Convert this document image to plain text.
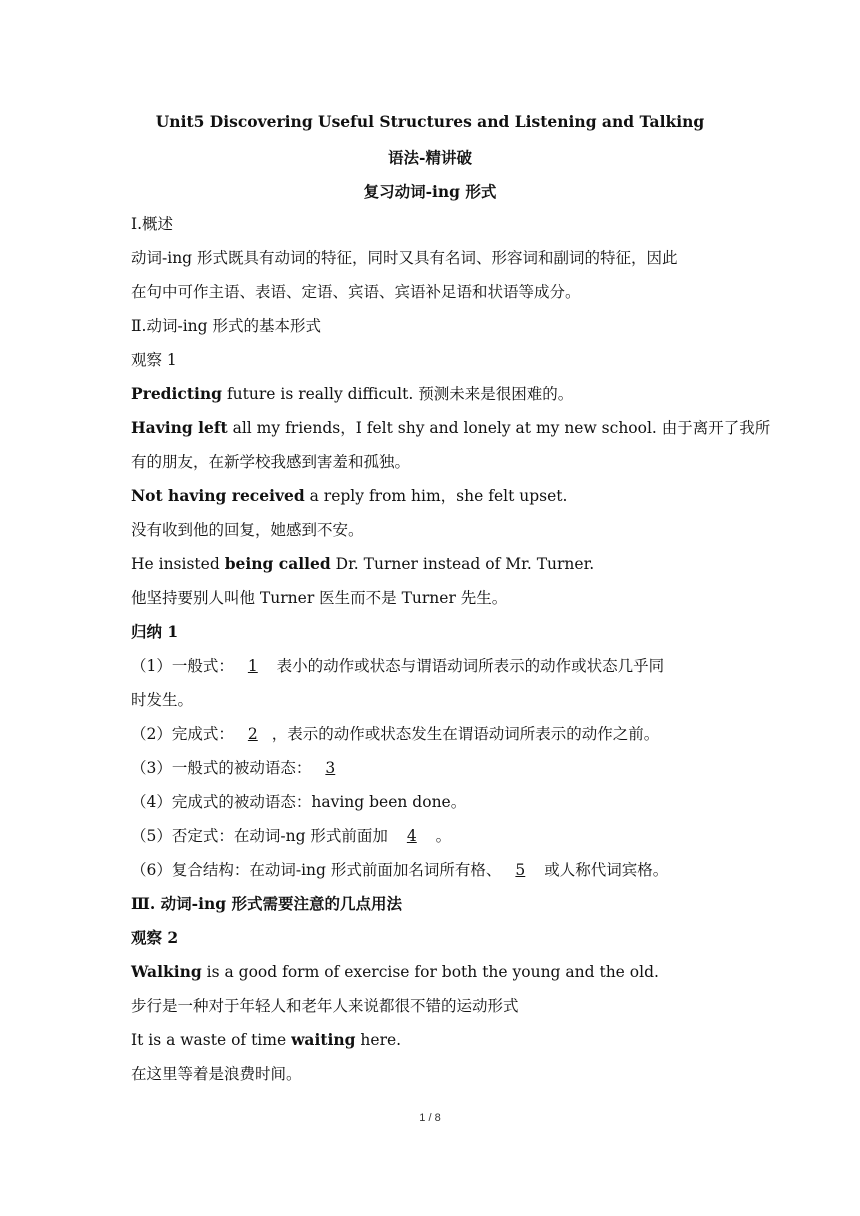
Unit5 Discovering Useful Structures and Listening and Talking
语法-精讲破
复习动词-ing 形式
I.概述
动词-ing 形式既具有动词的特征，同时又具有名词、形容词和副词的特征，因此
在句中可作主语、表语、定语、宾语、宾语补足语和状语等成分。
Ⅱ.动词-ing 形式的基本形式
观察 1
Predicting future is really difficult. 预测未来是很困难的。
Having left all my friends，I felt shy and lonely at my new school. 由于离开了我所
有的朋友，在新学校我感到害羞和孤独。
Not having received a reply from him，she felt upset.
没有收到他的回复，她感到不安。
He insisted being called Dr. Turner instead of Mr. Turner.
他坚持要别人叫他 Turner 医生而不是 Turner 先生。
归纳 1
（1）一般式： 1 表小的动作或状态与谓语动词所表示的动作或状态几乎同
时发生。
（2）完成式： 2 ，表示的动作或状态发生在谓语动词所表示的动作之前。
（3）一般式的被动语态： 3
（4）完成式的被动语态：having been done。
（5）否定式：在动词-ng 形式前面加 4 。
（6）复合结构：在动词-ing 形式前面加名词所有格、 5 或人称代词宾格。
Ⅲ. 动词-ing 形式需要注意的几点用法
观察 2
Walking is a good form of exercise for both the young and the old.
步行是一种对于年轻人和老年人来说都很不错的运动形式
It is a waste of time waiting here.
在这里等着是浪费时间。
1 / 8
